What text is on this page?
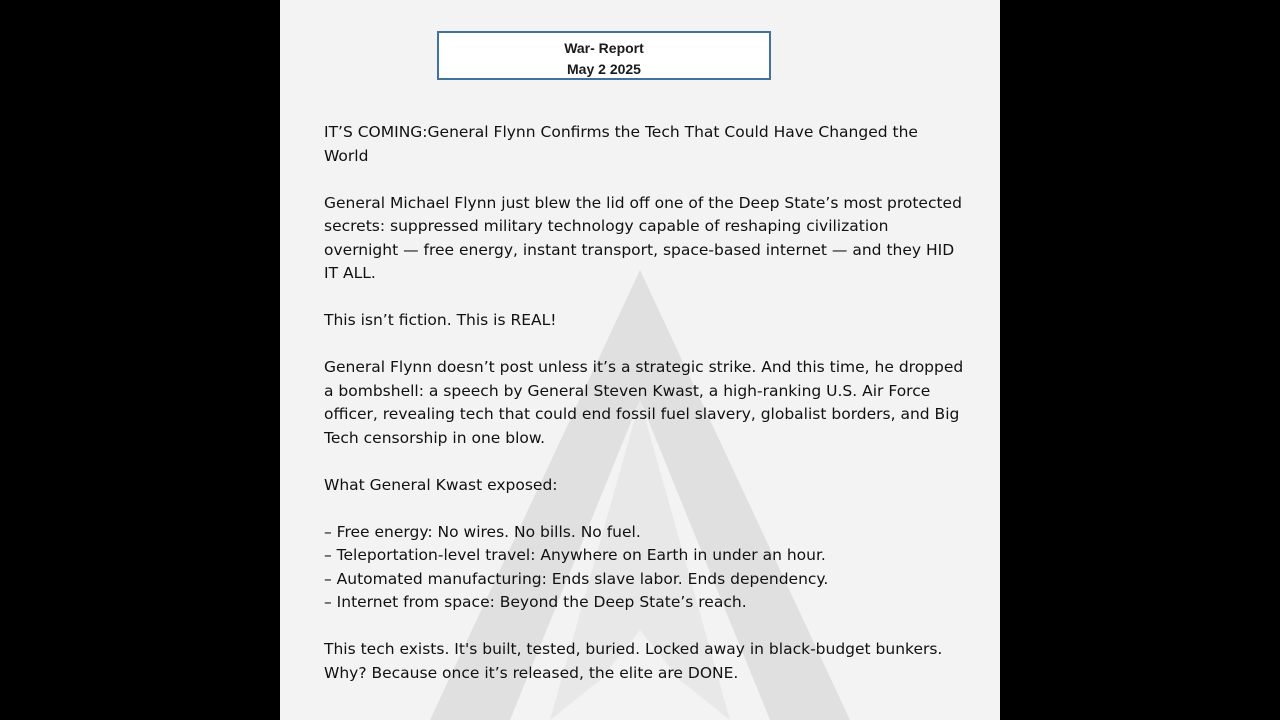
War- Report
May 2 2025

IT’S COMING:General Flynn Confirms the Tech That Could Have Changed the World

General Michael Flynn just blew the lid off one of the Deep State’s most protected secrets: suppressed military technology capable of reshaping civilization overnight — free energy, instant transport, space-based internet — and they HID IT ALL.

This isn’t fiction. This is REAL!

General Flynn doesn’t post unless it’s a strategic strike. And this time, he dropped a bombshell: a speech by General Steven Kwast, a high-ranking U.S. Air Force officer, revealing tech that could end fossil fuel slavery, globalist borders, and Big Tech censorship in one blow.

What General Kwast exposed:

– Free energy: No wires. No bills. No fuel.
– Teleportation-level travel: Anywhere on Earth in under an hour.
– Automated manufacturing: Ends slave labor. Ends dependency.
– Internet from space: Beyond the Deep State’s reach.

This tech exists. It's built, tested, buried. Locked away in black-budget bunkers. Why? Because once it’s released, the elite are DONE.
